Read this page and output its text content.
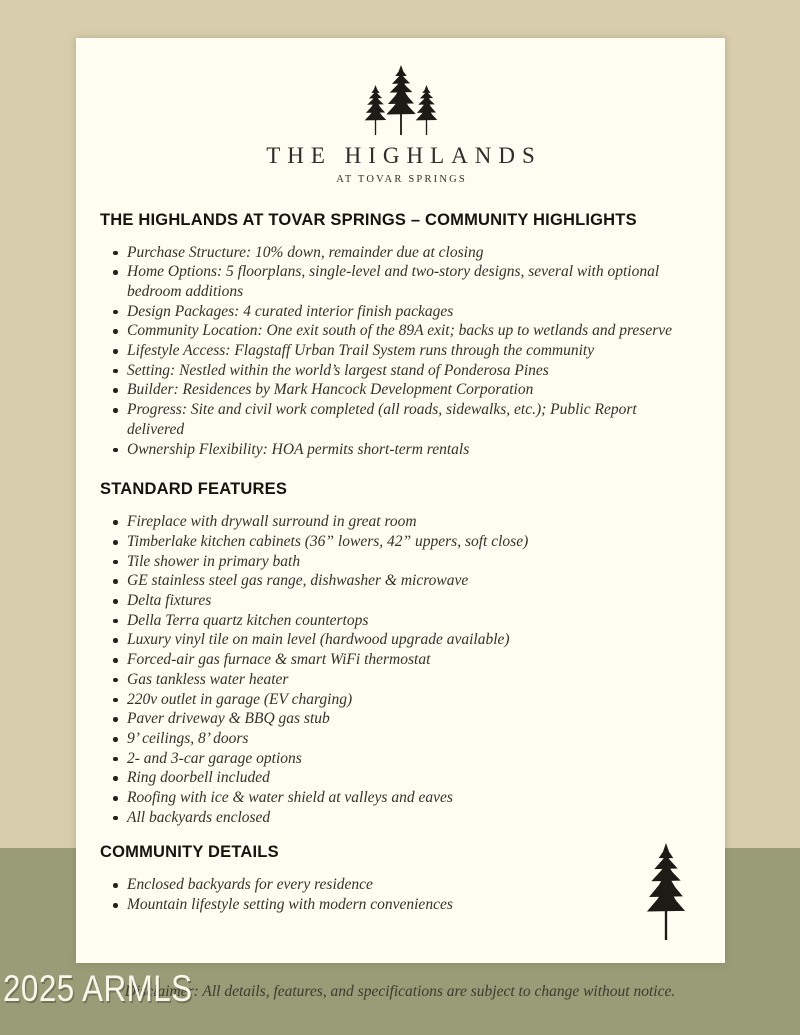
THE HIGHLANDS
AT TOVAR SPRINGS
THE HIGHLANDS AT TOVAR SPRINGS – COMMUNITY HIGHLIGHTS
Purchase Structure: 10% down, remainder due at closing
Home Options: 5 floorplans, single-level and two-story designs, several with optional bedroom additions
Design Packages: 4 curated interior finish packages
Community Location: One exit south of the 89A exit; backs up to wetlands and preserve
Lifestyle Access: Flagstaff Urban Trail System runs through the community
Setting: Nestled within the world’s largest stand of Ponderosa Pines
Builder: Residences by Mark Hancock Development Corporation
Progress: Site and civil work completed (all roads, sidewalks, etc.); Public Report delivered
Ownership Flexibility: HOA permits short-term rentals
STANDARD FEATURES
Fireplace with drywall surround in great room
Timberlake kitchen cabinets (36” lowers, 42” uppers, soft close)
Tile shower in primary bath
GE stainless steel gas range, dishwasher & microwave
Delta fixtures
Della Terra quartz kitchen countertops
Luxury vinyl tile on main level (hardwood upgrade available)
Forced-air gas furnace & smart WiFi thermostat
Gas tankless water heater
220v outlet in garage (EV charging)
Paver driveway & BBQ gas stub
9’ ceilings, 8’ doors
2- and 3-car garage options
Ring doorbell included
Roofing with ice & water shield at valleys and eaves
All backyards enclosed
COMMUNITY DETAILS
Enclosed backyards for every residence
Mountain lifestyle setting with modern conveniences
Disclaimer: All details, features, and specifications are subject to change without notice.
2025 ARMLS
